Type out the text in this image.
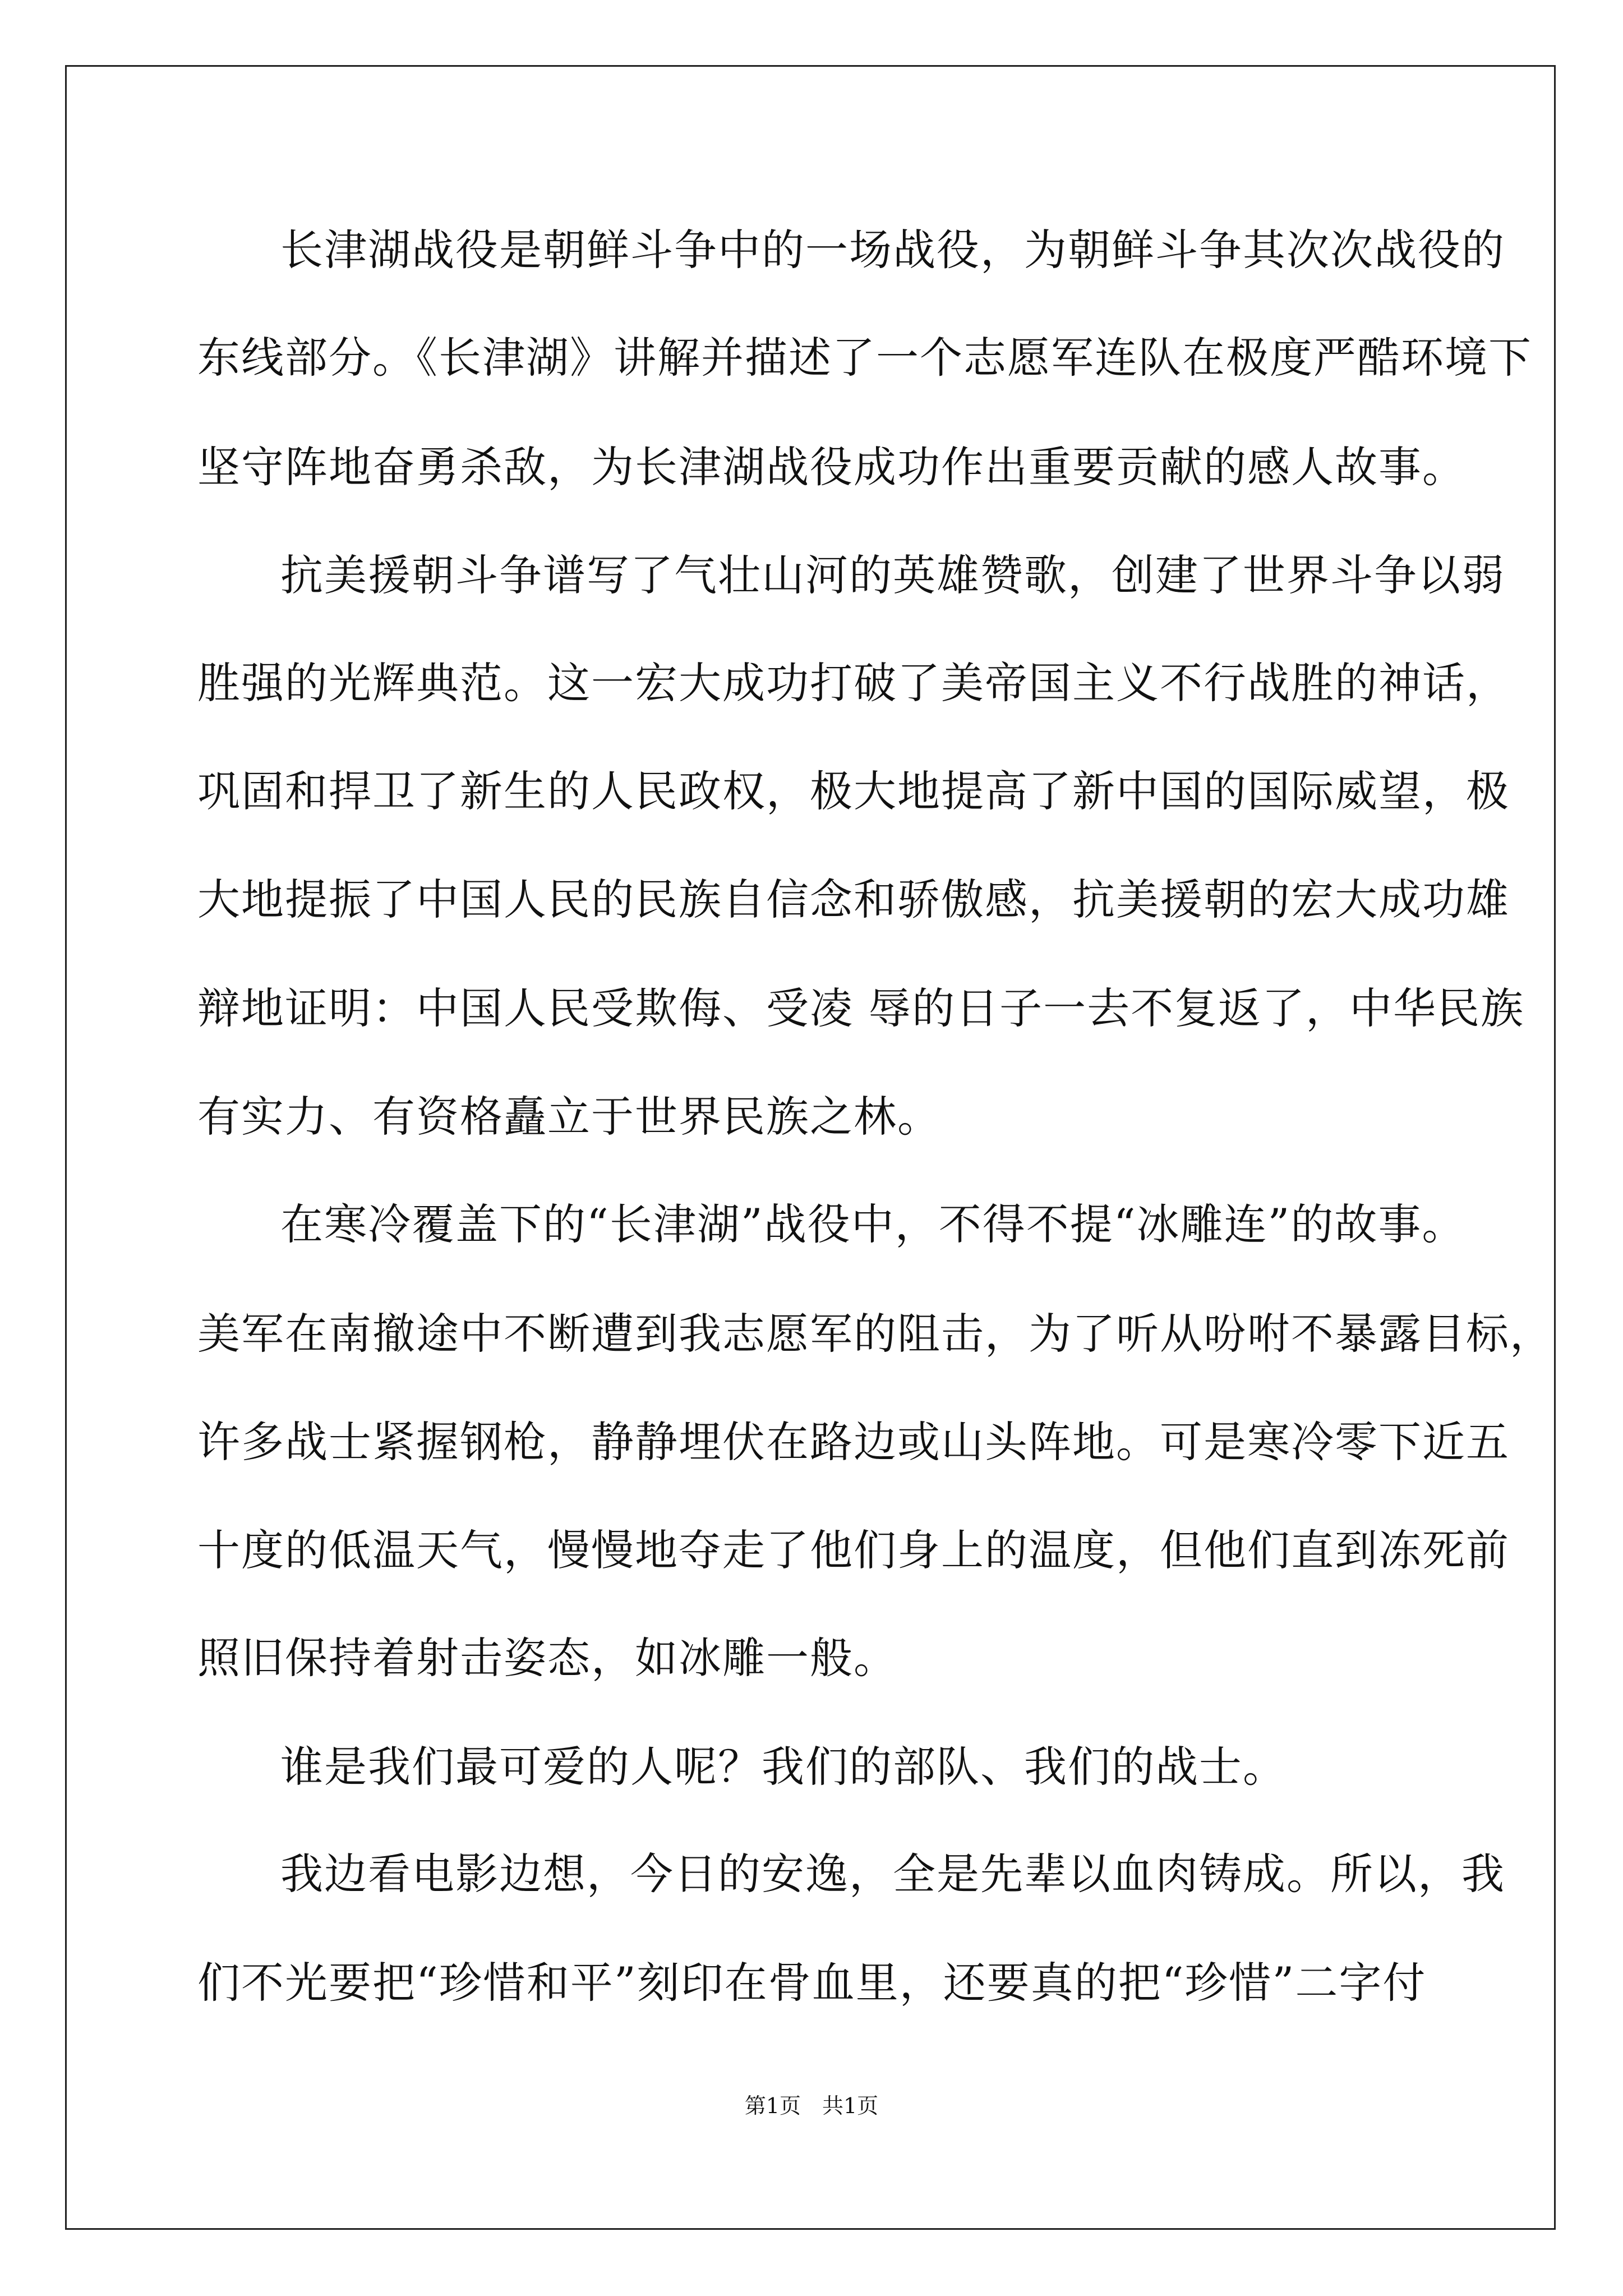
长津湖战役是朝鲜斗争中的一场战役，为朝鲜斗争其次次战役的
东线部分。《长津湖》讲解并描述了一个志愿军连队在极度严酷环境下
坚守阵地奋勇杀敌，为长津湖战役成功作出重要贡献的感人故事。
抗美援朝斗争谱写了气壮山河的英雄赞歌，创建了世界斗争以弱
胜强的光辉典范。这一宏大成功打破了美帝国主义不行战胜的神话，
巩固和捍卫了新生的人民政权，极大地提高了新中国的国际威望，极
大地提振了中国人民的民族自信念和骄傲感，抗美援朝的宏大成功雄
辩地证明：中国人民受欺侮、受凌 辱的日子一去不复返了，中华民族
有实力、有资格矗立于世界民族之林。
在寒冷覆盖下的“长津湖”战役中，不得不提“冰雕连”的故事。
美军在南撤途中不断遭到我志愿军的阻击，为了听从吩咐不暴露目标，
许多战士紧握钢枪，静静埋伏在路边或山头阵地。可是寒冷零下近五
十度的低温天气，慢慢地夺走了他们身上的温度，但他们直到冻死前
照旧保持着射击姿态，如冰雕一般。
谁是我们最可爱的人呢？我们的部队、我们的战士。
我边看电影边想，今日的安逸，全是先辈以血肉铸成。所以，我
们不光要把“珍惜和平”刻印在骨血里，还要真的把“珍惜”二字付
第1页　共1页
